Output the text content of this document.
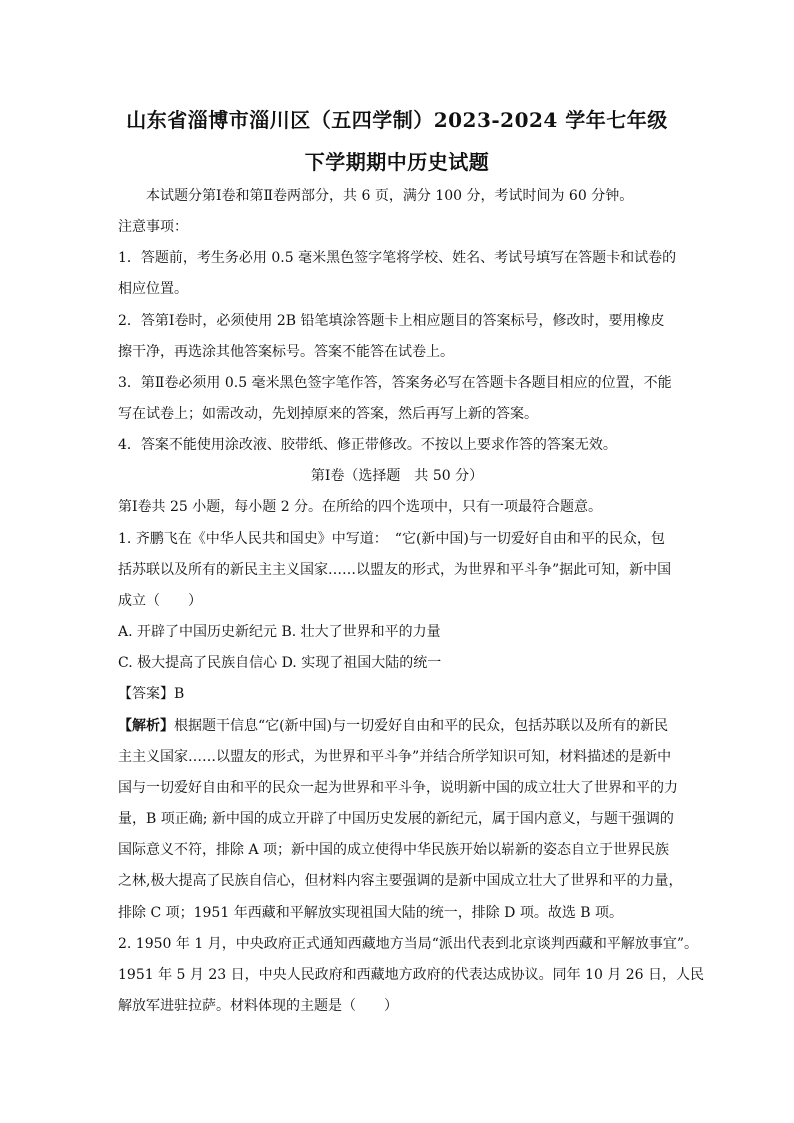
山东省淄博市淄川区（五四学制）2023-2024 学年七年级
下学期期中历史试题
本试题分第Ⅰ卷和第Ⅱ卷两部分，共 6 页，满分 100 分，考试时间为 60 分钟。
注意事项：
1．答题前，考生务必用 0.5 毫米黑色签字笔将学校、姓名、考试号填写在答题卡和试卷的
相应位置。
2．答第Ⅰ卷时，必须使用 2B 铅笔填涂答题卡上相应题目的答案标号，修改时，要用橡皮
擦干净，再选涂其他答案标号。答案不能答在试卷上。
3．第Ⅱ卷必须用 0.5 毫米黑色签字笔作答，答案务必写在答题卡各题目相应的位置，不能
写在试卷上；如需改动，先划掉原来的答案，然后再写上新的答案。
4．答案不能使用涂改液、胶带纸、修正带修改。不按以上要求作答的答案无效。
第Ⅰ卷（选择题　共 50 分）
第Ⅰ卷共 25 小题，每小题 2 分。在所给的四个选项中，只有一项最符合题意。
1. 齐鹏飞在《中华人民共和国史》中写道：　“它(新中国)与一切爱好自由和平的民众，包
括苏联以及所有的新民主主义国家……以盟友的形式，为世界和平斗争”据此可知，新中国
成立（　　）
A. 开辟了中国历史新纪元 B. 壮大了世界和平的力量
C. 极大提高了民族自信心 D. 实现了祖国大陆的统一
【答案】B
【解析】根据题干信息“它(新中国)与一切爱好自由和平的民众，包括苏联以及所有的新民
主主义国家……以盟友的形式，为世界和平斗争”并结合所学知识可知，材料描述的是新中
国与一切爱好自由和平的民众一起为世界和平斗争，说明新中国的成立壮大了世界和平的力
量，B 项正确; 新中国的成立开辟了中国历史发展的新纪元，属于国内意义，与题干强调的
国际意义不符，排除 A 项；新中国的成立使得中华民族开始以崭新的姿态自立于世界民族
之林,极大提高了民族自信心，但材料内容主要强调的是新中国成立壮大了世界和平的力量，
排除 C 项；1951 年西藏和平解放实现祖国大陆的统一，排除 D 项。故选 B 项。
2. 1950 年 1 月，中央政府正式通知西藏地方当局“派出代表到北京谈判西藏和平解放事宜”。
1951 年 5 月 23 日，中央人民政府和西藏地方政府的代表达成协议。同年 10 月 26 日，人民
解放军进驻拉萨。材料体现的主题是（　　）
